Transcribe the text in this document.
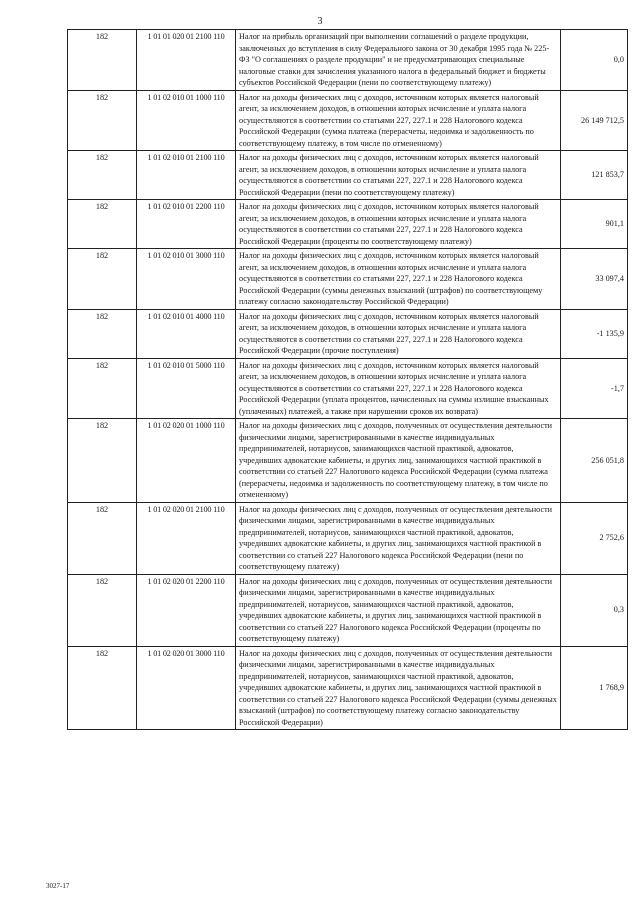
3
182	1 01 01 020 01 2100 110	Налог на прибыль организаций при выполнении соглашений о разделе продукции, заключенных до вступления в силу Федерального закона от 30 декабря 1995 года № 225-ФЗ "О соглашениях о разделе продукции" и не предусматривающих специальные налоговые ставки для зачисления указанного налога в федеральный бюджет и бюджеты субъектов Российской Федерации (пени по соответствующему платежу)	0,0
182	1 01 02 010 01 1000 110	Налог на доходы физических лиц с доходов, источником которых является налоговый агент, за исключением доходов, в отношении которых исчисление и уплата налога осуществляются в соответствии со статьями 227, 227.1 и 228 Налогового кодекса Российской Федерации (сумма платежа (перерасчеты, недоимка и задолженность по соответствующему платежу, в том числе по отмененному)	26 149 712,5
182	1 01 02 010 01 2100 110	Налог на доходы физических лиц с доходов, источником которых является налоговый агент, за исключением доходов, в отношении которых исчисление и уплата налога осуществляются в соответствии со статьями 227, 227.1 и 228 Налогового кодекса Российской Федерации (пени по соответствующему платежу)	121 853,7
182	1 01 02 010 01 2200 110	Налог на доходы физических лиц с доходов, источником которых является налоговый агент, за исключением доходов, в отношении которых исчисление и уплата налога осуществляются в соответствии со статьями 227, 227.1 и 228 Налогового кодекса Российской Федерации (проценты по соответствующему платежу)	901,1
182	1 01 02 010 01 3000 110	Налог на доходы физических лиц с доходов, источником которых является налоговый агент, за исключением доходов, в отношении которых исчисление и уплата налога осуществляются в соответствии со статьями 227, 227.1 и 228 Налогового кодекса Российской Федерации (суммы денежных взысканий (штрафов) по соответствующему платежу согласно законодательству Российской Федерации)	33 097,4
182	1 01 02 010 01 4000 110	Налог на доходы физических лиц с доходов, источником которых является налоговый агент, за исключением доходов, в отношении которых исчисление и уплата налога осуществляются в соответствии со статьями 227, 227.1 и 228 Налогового кодекса Российской Федерации (прочие поступления)	-1 135,9
182	1 01 02 010 01 5000 110	Налог на доходы физических лиц с доходов, источником которых является налоговый агент, за исключением доходов, в отношении которых исчисление и уплата налога осуществляются в соответствии со статьями 227, 227.1 и 228 Налогового кодекса Российской Федерации (уплата процентов, начисленных на суммы излишне взысканных (уплаченных) платежей, а также при нарушении сроков их возврата)	-1,7
182	1 01 02 020 01 1000 110	Налог на доходы физических лиц с доходов, полученных от осуществления деятельности физическими лицами, зарегистрированными в качестве индивидуальных предпринимателей, нотариусов, занимающихся частной практикой, адвокатов, учредивших адвокатские кабинеты, и других лиц, занимающихся частной практикой в соответствии со статьей 227 Налогового кодекса Российской Федерации (сумма платежа (перерасчеты, недоимка и задолженность по соответствующему платежу, в том числе по отмененному)	256 051,8
182	1 01 02 020 01 2100 110	Налог на доходы физических лиц с доходов, полученных от осуществления деятельности физическими лицами, зарегистрированными в качестве индивидуальных предпринимателей, нотариусов, занимающихся частной практикой, адвокатов, учредивших адвокатские кабинеты, и других лиц, занимающихся частной практикой в соответствии со статьей 227 Налогового кодекса Российской Федерации (пени по соответствующему платежу)	2 752,6
182	1 01 02 020 01 2200 110	Налог на доходы физических лиц с доходов, полученных от осуществления деятельности физическими лицами, зарегистрированными в качестве индивидуальных предпринимателей, нотариусов, занимающихся частной практикой, адвокатов, учредивших адвокатские кабинеты, и других лиц, занимающихся частной практикой в соответствии со статьей 227 Налогового кодекса Российской Федерации (проценты по соответствующему платежу)	0,3
182	1 01 02 020 01 3000 110	Налог на доходы физических лиц с доходов, полученных от осуществления деятельности физическими лицами, зарегистрированными в качестве индивидуальных предпринимателей, нотариусов, занимающихся частной практикой, адвокатов, учредивших адвокатские кабинеты, и других лиц, занимающихся частной практикой в соответствии со статьей 227 Налогового кодекса Российской Федерации (суммы денежных взысканий (штрафов) по соответствующему платежу согласно законодательству Российской Федерации)	1 768,9
3027-17
